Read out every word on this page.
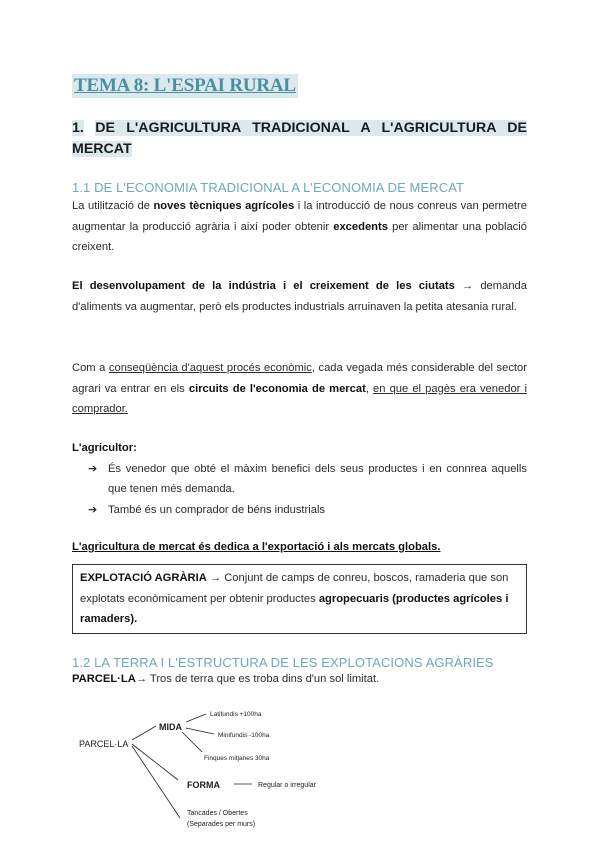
TEMA 8: L'ESPAI RURAL
1. DE L'AGRICULTURA TRADICIONAL A L'AGRICULTURA DE MERCAT
1.1 DE L'ECONOMIA TRADICIONAL A L'ECONOMIA DE MERCAT

La utilització de noves tècniques agrícoles i la introducció de nous conreus van permetre augmentar la producció agrària i així poder obtenir excedents per alimentar una població creixent.

El desenvolupament de la indústria i el creixement de les ciutats → demanda d'aliments va augmentar, però els productes industrials arruinaven la petita atesania rural.

Com a conseqüència d'aquest procés econòmic, cada vegada més considerable del sector agrari va entrar en els circuits de l'economia de mercat, en que el pagès era venedor i comprador.

L'agricultor:
➔ És venedor que obté el màxim benefici dels seus productes i en connrea aquells que tenen més demanda.
➔ També és un comprador de béns industrials

L'agricultura de mercat és dedica a l'exportació i als mercats globals.

EXPLOTACIÓ AGRÀRIA → Conjunt de camps de conreu, boscos, ramaderia que son explotats econòmicament per obtenir productes agropecuaris (productes agrícoles i ramaders).
1.2 LA TERRA I L'ESTRUCTURA DE LES EXPLOTACIONS AGRÀRIES

PARCEL·LA→ Tros de terra que es troba dins d'un sol limitat.

PARCEL·LA
MIDA
Latifundis +100ha
Minifundis -100ha
Finques mitjanes 30ha
FORMA	Regular o irregular
Tancades / Obertes
(Separades per murs)
